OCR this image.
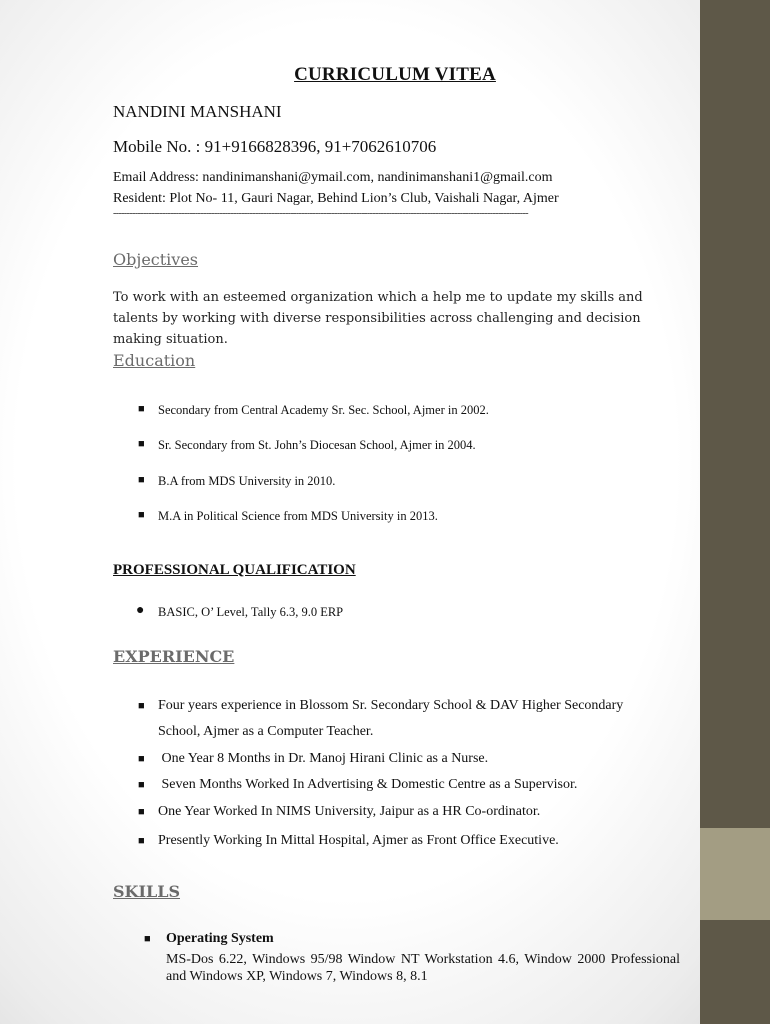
CURRICULUM VITEA

NANDINI MANSHANI

Mobile No. : 91+9166828396, 91+7062610706

Email Address: nandinimanshani@ymail.com, nandinimanshani1@gmail.com

Resident: Plot No- 11, Gauri Nagar, Behind Lion’s Club, Vaishali Nagar, Ajmer

--------------------------------------------------------------------------------------------------------------------------------------------------------

Objectives

To work with an esteemed organization which a help me to update my skills and talents by working with diverse responsibilities across challenging and decision making situation.

Education

■ Secondary from Central Academy Sr. Sec. School, Ajmer in 2002.

■ Sr. Secondary from St. John’s Diocesan School, Ajmer in 2004.

■ B.A from MDS University in 2010.

■ M.A in Political Science from MDS University in 2013.

PROFESSIONAL QUALIFICATION

● BASIC, O’ Level, Tally 6.3, 9.0 ERP

EXPERIENCE

■ Four years experience in Blossom Sr. Secondary School & DAV Higher Secondary

School, Ajmer as a Computer Teacher.

■ One Year 8 Months in Dr. Manoj Hirani Clinic as a Nurse.

■ Seven Months Worked In Advertising & Domestic Centre as a Supervisor.

■ One Year Worked In NIMS University, Jaipur as a HR Co-ordinator.

■ Presently Working In Mittal Hospital, Ajmer as Front Office Executive.

SKILLS

■ Operating System

MS-Dos 6.22, Windows 95/98 Window NT Workstation 4.6, Window 2000 Professional and Windows XP, Windows 7, Windows 8, 8.1
